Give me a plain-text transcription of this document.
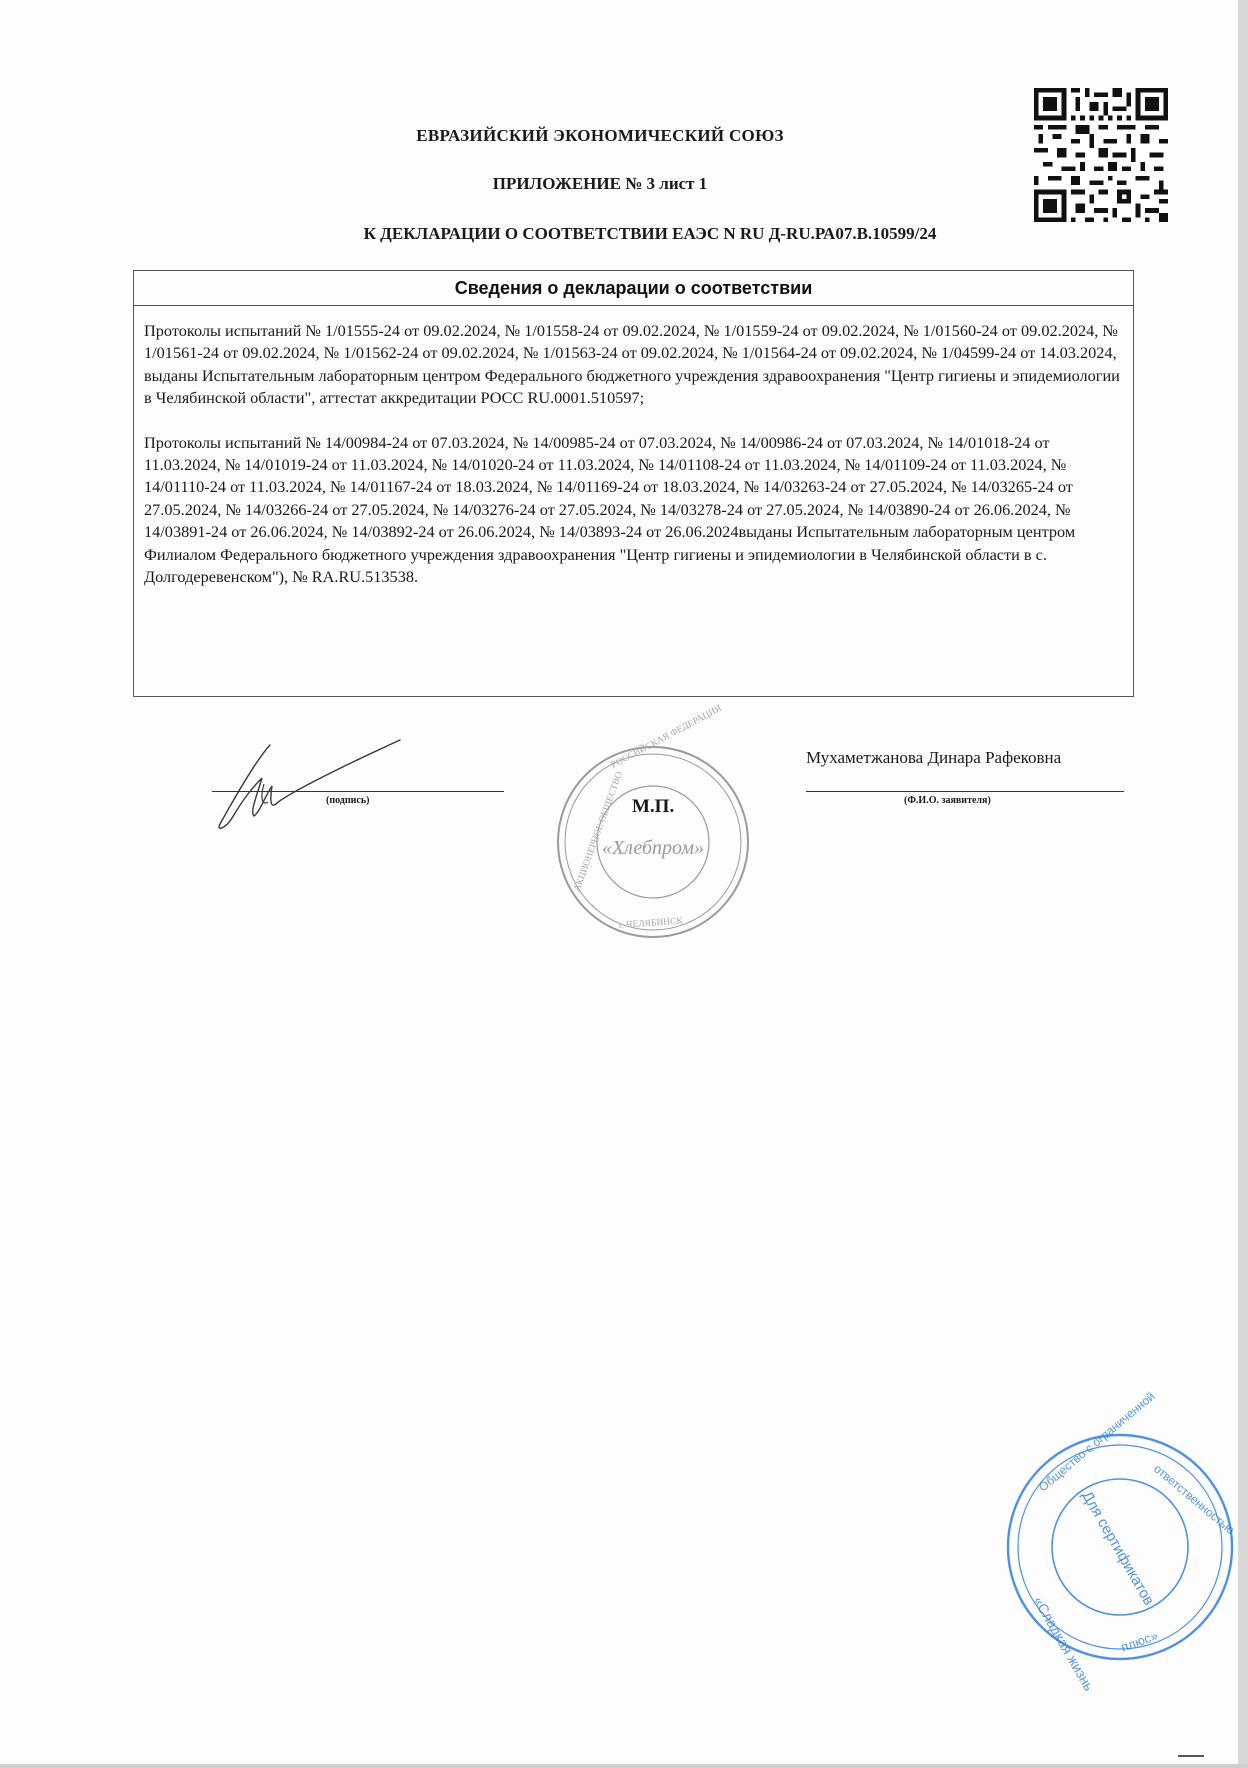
ЕВРАЗИЙСКИЙ ЭКОНОМИЧЕСКИЙ СОЮЗ
ПРИЛОЖЕНИЕ № 3 лист 1
К ДЕКЛАРАЦИИ О СООТВЕТСТВИИ ЕАЭС N RU Д-RU.РА07.В.10599/24
Сведения о декларации о соответствии

Протоколы испытаний № 1/01555-24 от 09.02.2024, № 1/01558-24 от 09.02.2024, № 1/01559-24 от 09.02.2024, № 1/01560-24 от 09.02.2024, № 1/01561-24 от 09.02.2024, № 1/01562-24 от 09.02.2024, № 1/01563-24 от 09.02.2024, № 1/01564-24 от 09.02.2024, № 1/04599-24 от 14.03.2024, выданы Испытательным лабораторным центром Федерального бюджетного учреждения здравоохранения "Центр гигиены и эпидемиологии в Челябинской области", аттестат аккредитации РОСС RU.0001.510597;

Протоколы испытаний № 14/00984-24 от 07.03.2024, № 14/00985-24 от 07.03.2024, № 14/00986-24 от 07.03.2024, № 14/01018-24 от 11.03.2024, № 14/01019-24 от 11.03.2024, № 14/01020-24 от 11.03.2024, № 14/01108-24 от 11.03.2024, № 14/01109-24 от 11.03.2024, № 14/01110-24 от 11.03.2024, № 14/01167-24 от 18.03.2024, № 14/01169-24 от 18.03.2024, № 14/03263-24 от 27.05.2024, № 14/03265-24 от 27.05.2024, № 14/03266-24 от 27.05.2024, № 14/03276-24 от 27.05.2024, № 14/03278-24 от 27.05.2024, № 14/03890-24 от 26.06.2024, № 14/03891-24 от 26.06.2024, № 14/03892-24 от 26.06.2024, № 14/03893-24 от 26.06.2024выданы Испытательным лабораторным центром Филиалом Федерального бюджетного учреждения здравоохранения "Центр гигиены и эпидемиологии в Челябинской области в с. Долгодеревенском"), № RA.RU.513538.

(подпись)
РОССИЙСКАЯ ФЕДЕРАЦИЯ
АКЦИОНЕРНОЕ ОБЩЕСТВО
г. ЧЕЛЯБИНСК
«Хлебпром»
М.П.
Мухаметжанова Динара Рафековна
(Ф.И.О. заявителя)
Общество с ограниченной
ответственностью
«Сладкая жизнь плюс»
Для сертификатов
